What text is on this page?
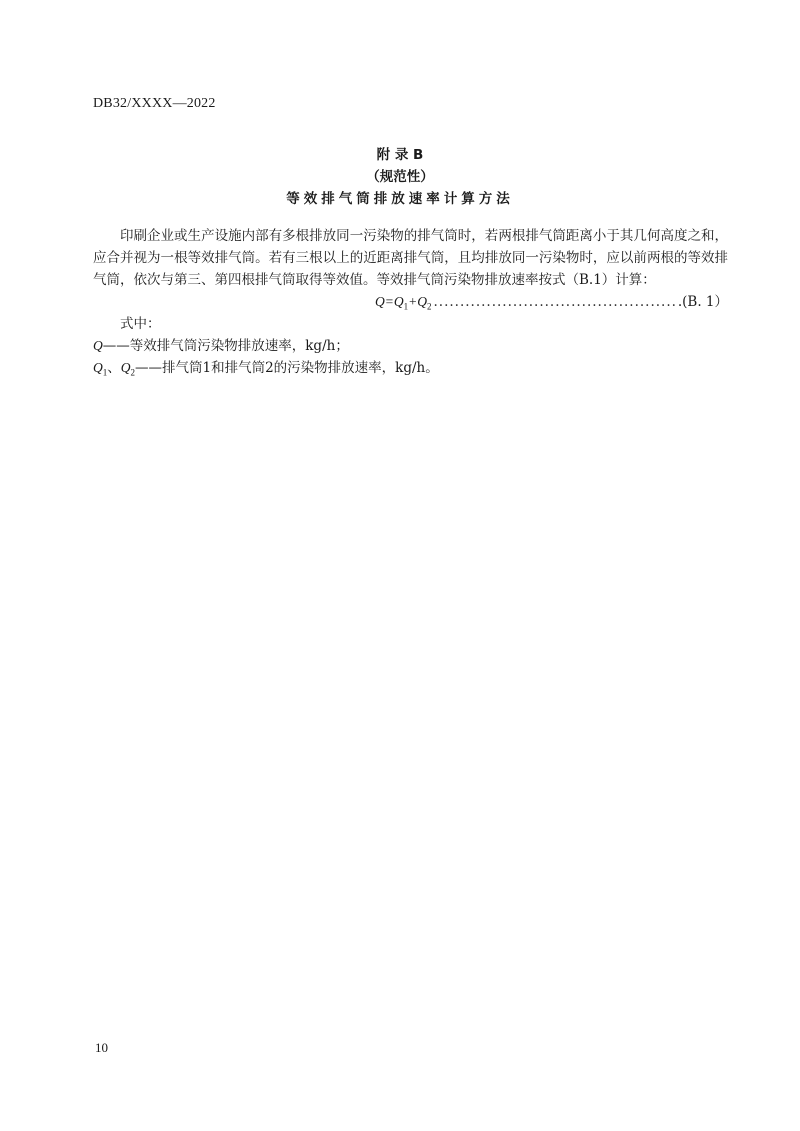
DB32/XXXX—2022
附 录 B
（规范性）
等效排气筒排放速率计算方法

印刷企业或生产设施内部有多根排放同一污染物的排气筒时，若两根排气筒距离小于其几何高度之和，应合并视为一根等效排气筒。若有三根以上的近距离排气筒，且均排放同一污染物时，应以前两根的等效排气筒，依次与第三、第四根排气筒取得等效值。等效排气筒污染物排放速率按式（B.1）计算：

$Q=Q_1+Q_2$
.....	.(B. 1）
式中：
Q——等效排气筒污染物排放速率，kg/h；
$Q_1$、$Q_2——$排气筒1和排气筒2的污染物排放速率，kg/h。
10
